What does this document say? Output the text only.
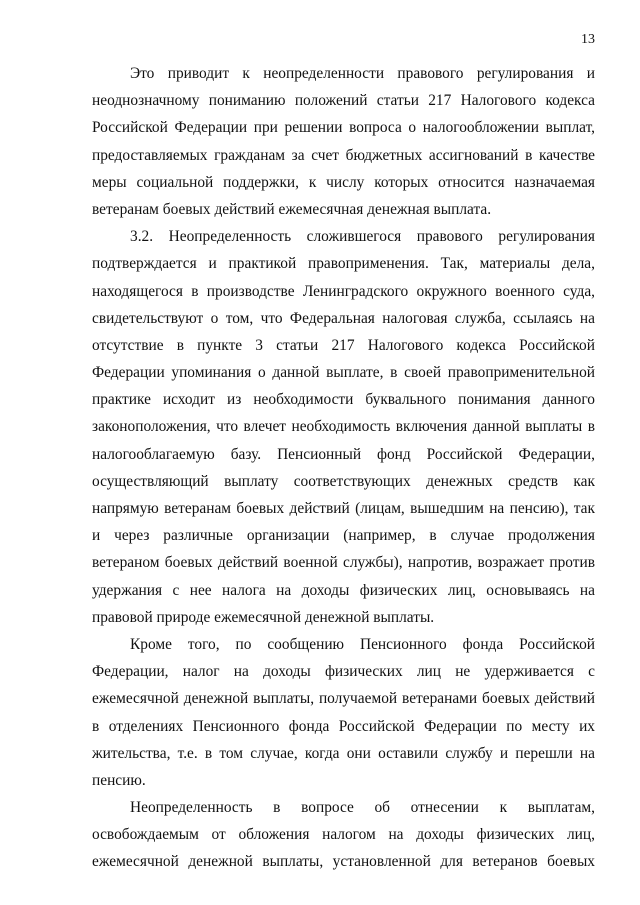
13
Это приводит к неопределенности правового регулирования и
неоднозначному пониманию положений статьи 217 Налогового кодекса
Российской Федерации при решении вопроса о налогообложении выплат,
предоставляемых гражданам за счет бюджетных ассигнований в качестве
меры социальной поддержки, к числу которых относится назначаемая
ветеранам боевых действий ежемесячная денежная выплата.
3.2. Неопределенность сложившегося правового регулирования
подтверждается и практикой правоприменения. Так, материалы дела,
находящегося в производстве Ленинградского окружного военного суда,
свидетельствуют о том, что Федеральная налоговая служба, ссылаясь на
отсутствие в пункте 3 статьи 217 Налогового кодекса Российской
Федерации упоминания о данной выплате, в своей правоприменительной
практике исходит из необходимости буквального понимания данного
законоположения, что влечет необходимость включения данной выплаты в
налогооблагаемую базу. Пенсионный фонд Российской Федерации,
осуществляющий выплату соответствующих денежных средств как
напрямую ветеранам боевых действий (лицам, вышедшим на пенсию), так
и через различные организации (например, в случае продолжения
ветераном боевых действий военной службы), напротив, возражает против
удержания с нее налога на доходы физических лиц, основываясь на
правовой природе ежемесячной денежной выплаты.
Кроме того, по сообщению Пенсионного фонда Российской
Федерации, налог на доходы физических лиц не удерживается с
ежемесячной денежной выплаты, получаемой ветеранами боевых действий
в отделениях Пенсионного фонда Российской Федерации по месту их
жительства, т.е. в том случае, когда они оставили службу и перешли на
пенсию.
Неопределенность в вопросе об отнесении к выплатам,
освобождаемым от обложения налогом на доходы физических лиц,
ежемесячной денежной выплаты, установленной для ветеранов боевых
